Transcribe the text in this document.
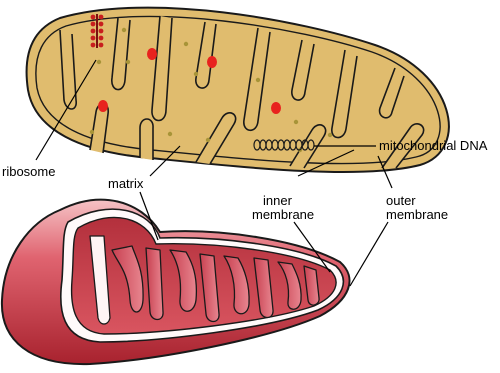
ribosome
matrix
mitochondrial DNA
inner
membrane
outer
membrane
